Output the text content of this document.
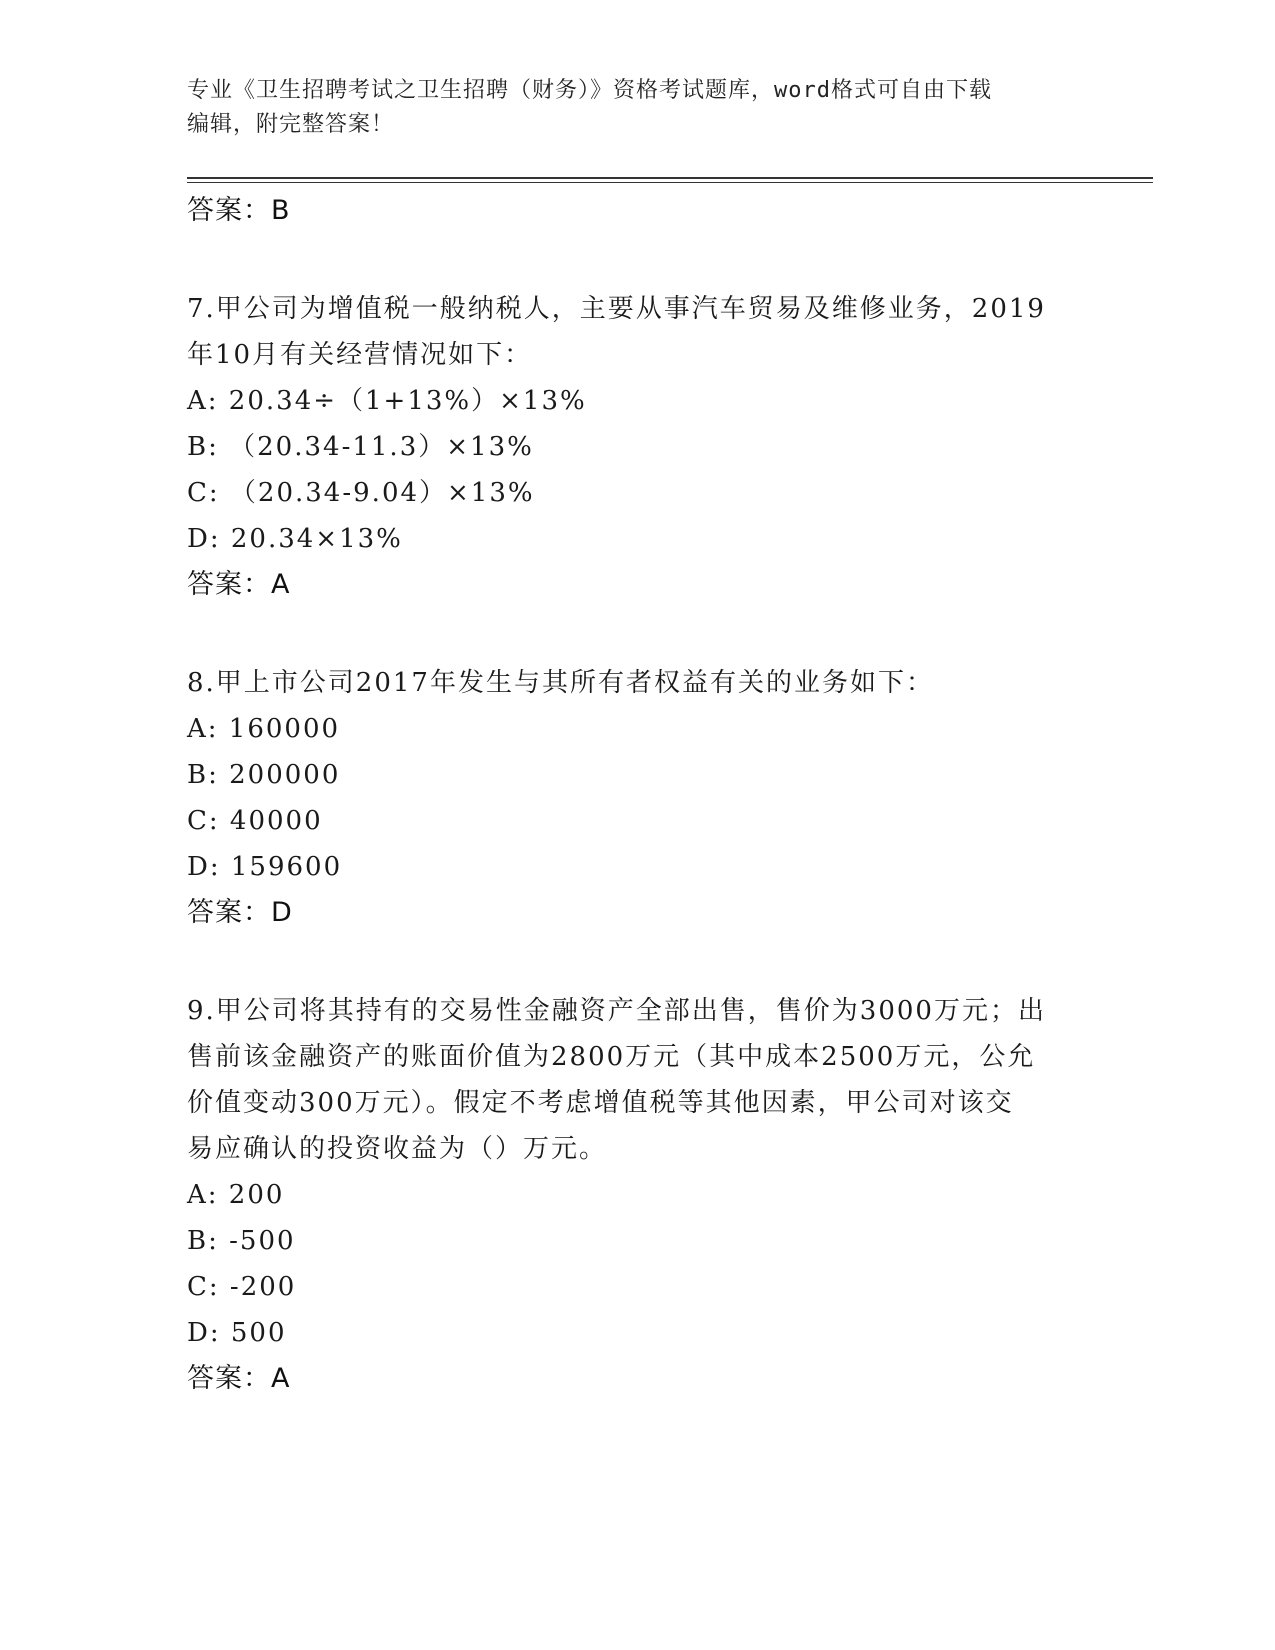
专业《卫生招聘考试之卫生招聘（财务）》资格考试题库，word格式可自由下载
编辑，附完整答案！
答案：B
7.甲公司为增值税一般纳税人，主要从事汽车贸易及维修业务，2019
年10月有关经营情况如下：
A: 20.34÷（1+13%）×13%
B: （20.34-11.3）×13%
C: （20.34-9.04）×13%
D: 20.34×13%
答案：A
8.甲上市公司2017年发生与其所有者权益有关的业务如下：
A: 160000
B: 200000
C: 40000
D: 159600
答案：D
9.甲公司将其持有的交易性金融资产全部出售，售价为3000万元；出
售前该金融资产的账面价值为2800万元（其中成本2500万元，公允
价值变动300万元）。假定不考虑增值税等其他因素，甲公司对该交
易应确认的投资收益为（）万元。
A: 200
B: -500
C: -200
D: 500
答案：A
